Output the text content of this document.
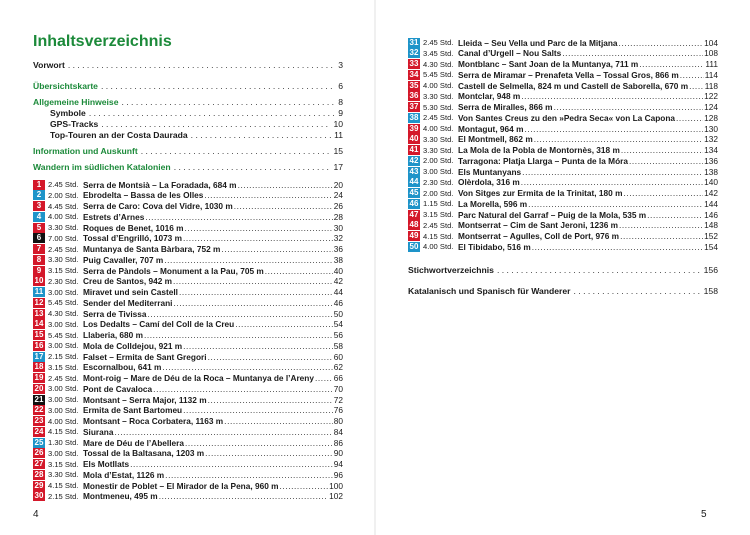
Inhaltsverzeichnis
Vorwort . . .	3
Übersichtskarte . . .	6
Allgemeine Hinweise . . .	8
Symbole . . .	9
GPS-Tracks . . .	10
Top-Touren an der Costa Daurada . . .	11
Information und Auskunft . . .	15
Wandern im südlichen Katalonien . . .	17
1 2.45 Std. Serra de Montsià – La Foradada, 684 m .....	20
2 2.00 Std. Ebrodelta – Bassa de les Olles .....	24
3 4.45 Std. Serra de Caro: Cova del Vidre, 1030 m .....	26
4 4.00 Std. Estrets d’Arnes .....	28
5 3.30 Std. Roques de Benet, 1016 m .....	30
6 7.00 Std. Tossal d’Engrilló, 1073 m .....	32
7 2.45 Std. Muntanya de Santa Bàrbara, 752 m .....	36
8 3.30 Std. Puig Cavaller, 707 m .....	38
9 3.15 Std. Serra de Pàndols – Monument a la Pau, 705 m .....	40
10 2.30 Std. Creu de Santos, 942 m .....	42
11 3.00 Std. Miravet und sein Castell .....	44
12 5.45 Std. Sender del Mediterrani .....	46
13 4.30 Std. Serra de Tivissa .....	50
14 3.00 Std. Los Dedalts – Camí del Coll de la Creu .....	54
15 5.45 Std. Llaberia, 680 m .....	56
16 3.00 Std. Mola de Colldejou, 921 m .....	58
17 2.15 Std. Falset – Ermita de Sant Gregori .....	60
18 3.15 Std. Escornalbou, 641 m .....	62
19 2.45 Std. Mont-roig – Mare de Déu de la Roca – Muntanya de l’Areny ..... 66
20 3.00 Std. Pont de Cavaloca .....	70
21 3.00 Std. Montsant – Serra Major, 1132 m .....	72
22 3.00 Std. Ermita de Sant Bartomeu .....	76
23 4.00 Std. Montsant – Roca Corbatera, 1163 m .....	80
24 4.15 Std. Siurana .....	84
25 1.30 Std. Mare de Déu de l’Abellera .....	86
26 3.00 Std. Tossal de la Baltasana, 1203 m .....	90
27 3.15 Std. Els Motllats .....	94
28 3.30 Std. Mola d’Estat, 1126 m .....	96
29 4.15 Std. Monestir de Poblet – El Mirador de la Pena, 960 m .....	100
30 2.15 Std. Montmeneu, 495 m .....	102
4
31 2.45 Std. Lleida – Seu Vella und Parc de la Mitjana .....	104
32 3.45 Std. Canal d’Urgell – Nou Salts .....	108
33 4.30 Std. Montblanc – Sant Joan de la Muntanya, 711 m .....	111
34 5.45 Std. Serra de Miramar – Prenafeta Vella – Tossal Gros, 866 m .....	114
35 4.00 Std. Castell de Selmella, 824 m und Castell de Saborella, 670 m ..... 118
36 3.30 Std. Montclar, 948 m .....	122
37 5.30 Std. Serra de Miralles, 866 m .....	124
38 2.45 Std. Von Santes Creus zu den »Pedra Seca« von La Capona .....	128
39 4.00 Std. Montagut, 964 m .....	130
40 3.30 Std. El Montmell, 862 m .....	132
41 3.30 Std. La Mola de la Pobla de Montornès, 318 m .....	134
42 2.00 Std. Tarragona: Platja Llarga – Punta de la Móra .....	136
43 3.00 Std. Els Muntanyans .....	138
44 2.30 Std. Olèrdola, 316 m .....	140
45 2.00 Std. Von Sitges zur Ermita de la Trinitat, 180 m .....	142
46 1.15 Std. La Morella, 596 m .....	144
47 3.15 Std. Parc Natural del Garraf – Puig de la Mola, 535 m .....	146
48 2.45 Std. Montserrat – Cim de Sant Jeroni, 1236 m .....	148
49 4.15 Std. Montserrat – Agulles, Coll de Port, 976 m .....	152
50 4.00 Std. El Tibidabo, 516 m .....	154
Stichwortverzeichnis . . .	156
Katalanisch und Spanisch für Wanderer . . .	158
5
